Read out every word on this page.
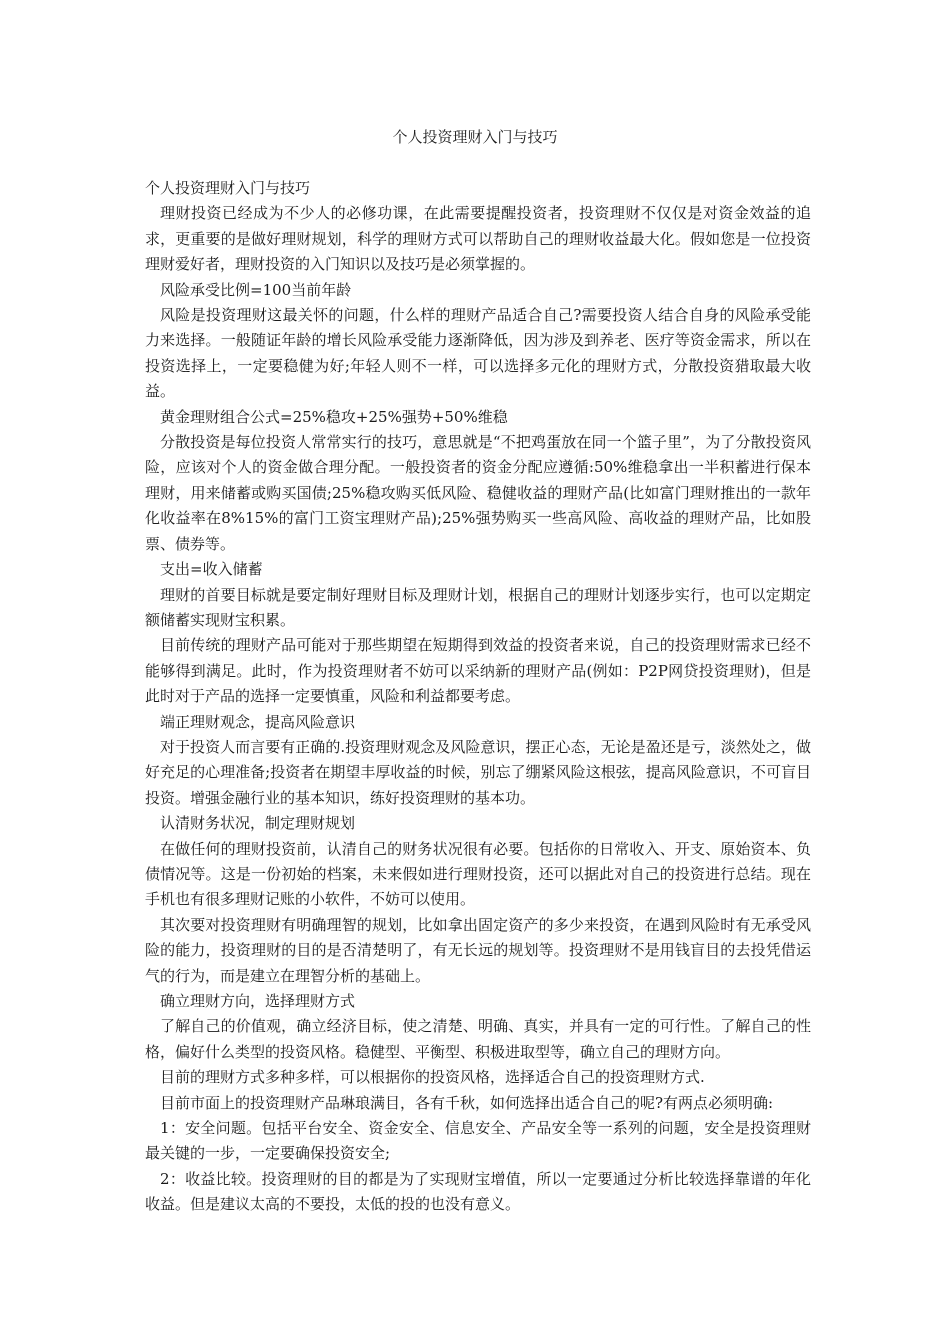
个人投资理财入门与技巧

个人投资理财入门与技巧

理财投资已经成为不少人的必修功课，在此需要提醒投资者，投资理财不仅仅是对资金效益的追求，更重要的是做好理财规划，科学的理财方式可以帮助自己的理财收益最大化。假如您是一位投资理财爱好者，理财投资的入门知识以及技巧是必须掌握的。

风险承受比例=100当前年龄

风险是投资理财这最关怀的问题，什么样的理财产品适合自己?需要投资人结合自身的风险承受能力来选择。一般随证年龄的增长风险承受能力逐渐降低，因为涉及到养老、医疗等资金需求，所以在投资选择上，一定要稳健为好;年轻人则不一样，可以选择多元化的理财方式，分散投资猎取最大收益。

黄金理财组合公式=25%稳攻+25%强势+50%维稳

分散投资是每位投资人常常实行的技巧，意思就是“不把鸡蛋放在同一个篮子里”，为了分散投资风险，应该对个人的资金做合理分配。一般投资者的资金分配应遵循:50%维稳拿出一半积蓄进行保本理财，用来储蓄或购买国债;25%稳攻购买低风险、稳健收益的理财产品(比如富门理财推出的一款年化收益率在8%15%的富门工资宝理财产品);25%强势购买一些高风险、高收益的理财产品，比如股票、债券等。

支出=收入储蓄

理财的首要目标就是要定制好理财目标及理财计划，根据自己的理财计划逐步实行，也可以定期定额储蓄实现财宝积累。

目前传统的理财产品可能对于那些期望在短期得到效益的投资者来说，自己的投资理财需求已经不能够得到满足。此时，作为投资理财者不妨可以采纳新的理财产品(例如：P2P网贷投资理财)，但是此时对于产品的选择一定要慎重，风险和利益都要考虑。

端正理财观念，提高风险意识

对于投资人而言要有正确的.投资理财观念及风险意识，摆正心态，无论是盈还是亏，淡然处之，做好充足的心理准备;投资者在期望丰厚收益的时候，别忘了绷紧风险这根弦，提高风险意识，不可盲目投资。增强金融行业的基本知识，练好投资理财的基本功。

认清财务状况，制定理财规划

在做任何的理财投资前，认清自己的财务状况很有必要。包括你的日常收入、开支、原始资本、负债情况等。这是一份初始的档案，未来假如进行理财投资，还可以据此对自己的投资进行总结。现在手机也有很多理财记账的小软件，不妨可以使用。

其次要对投资理财有明确理智的规划，比如拿出固定资产的多少来投资，在遇到风险时有无承受风险的能力，投资理财的目的是否清楚明了，有无长远的规划等。投资理财不是用钱盲目的去投凭借运气的行为，而是建立在理智分析的基础上。

确立理财方向，选择理财方式

了解自己的价值观，确立经济目标，使之清楚、明确、真实，并具有一定的可行性。了解自己的性格，偏好什么类型的投资风格。稳健型、平衡型、积极进取型等，确立自己的理财方向。

目前的理财方式多种多样，可以根据你的投资风格，选择适合自己的投资理财方式.

目前市面上的投资理财产品琳琅满目，各有千秋，如何选择出适合自己的呢?有两点必须明确:

1：安全问题。包括平台安全、资金安全、信息安全、产品安全等一系列的问题，安全是投资理财最关键的一步，一定要确保投资安全;

2：收益比较。投资理财的目的都是为了实现财宝增值，所以一定要通过分析比较选择靠谱的年化收益。但是建议太高的不要投，太低的投的也没有意义。
